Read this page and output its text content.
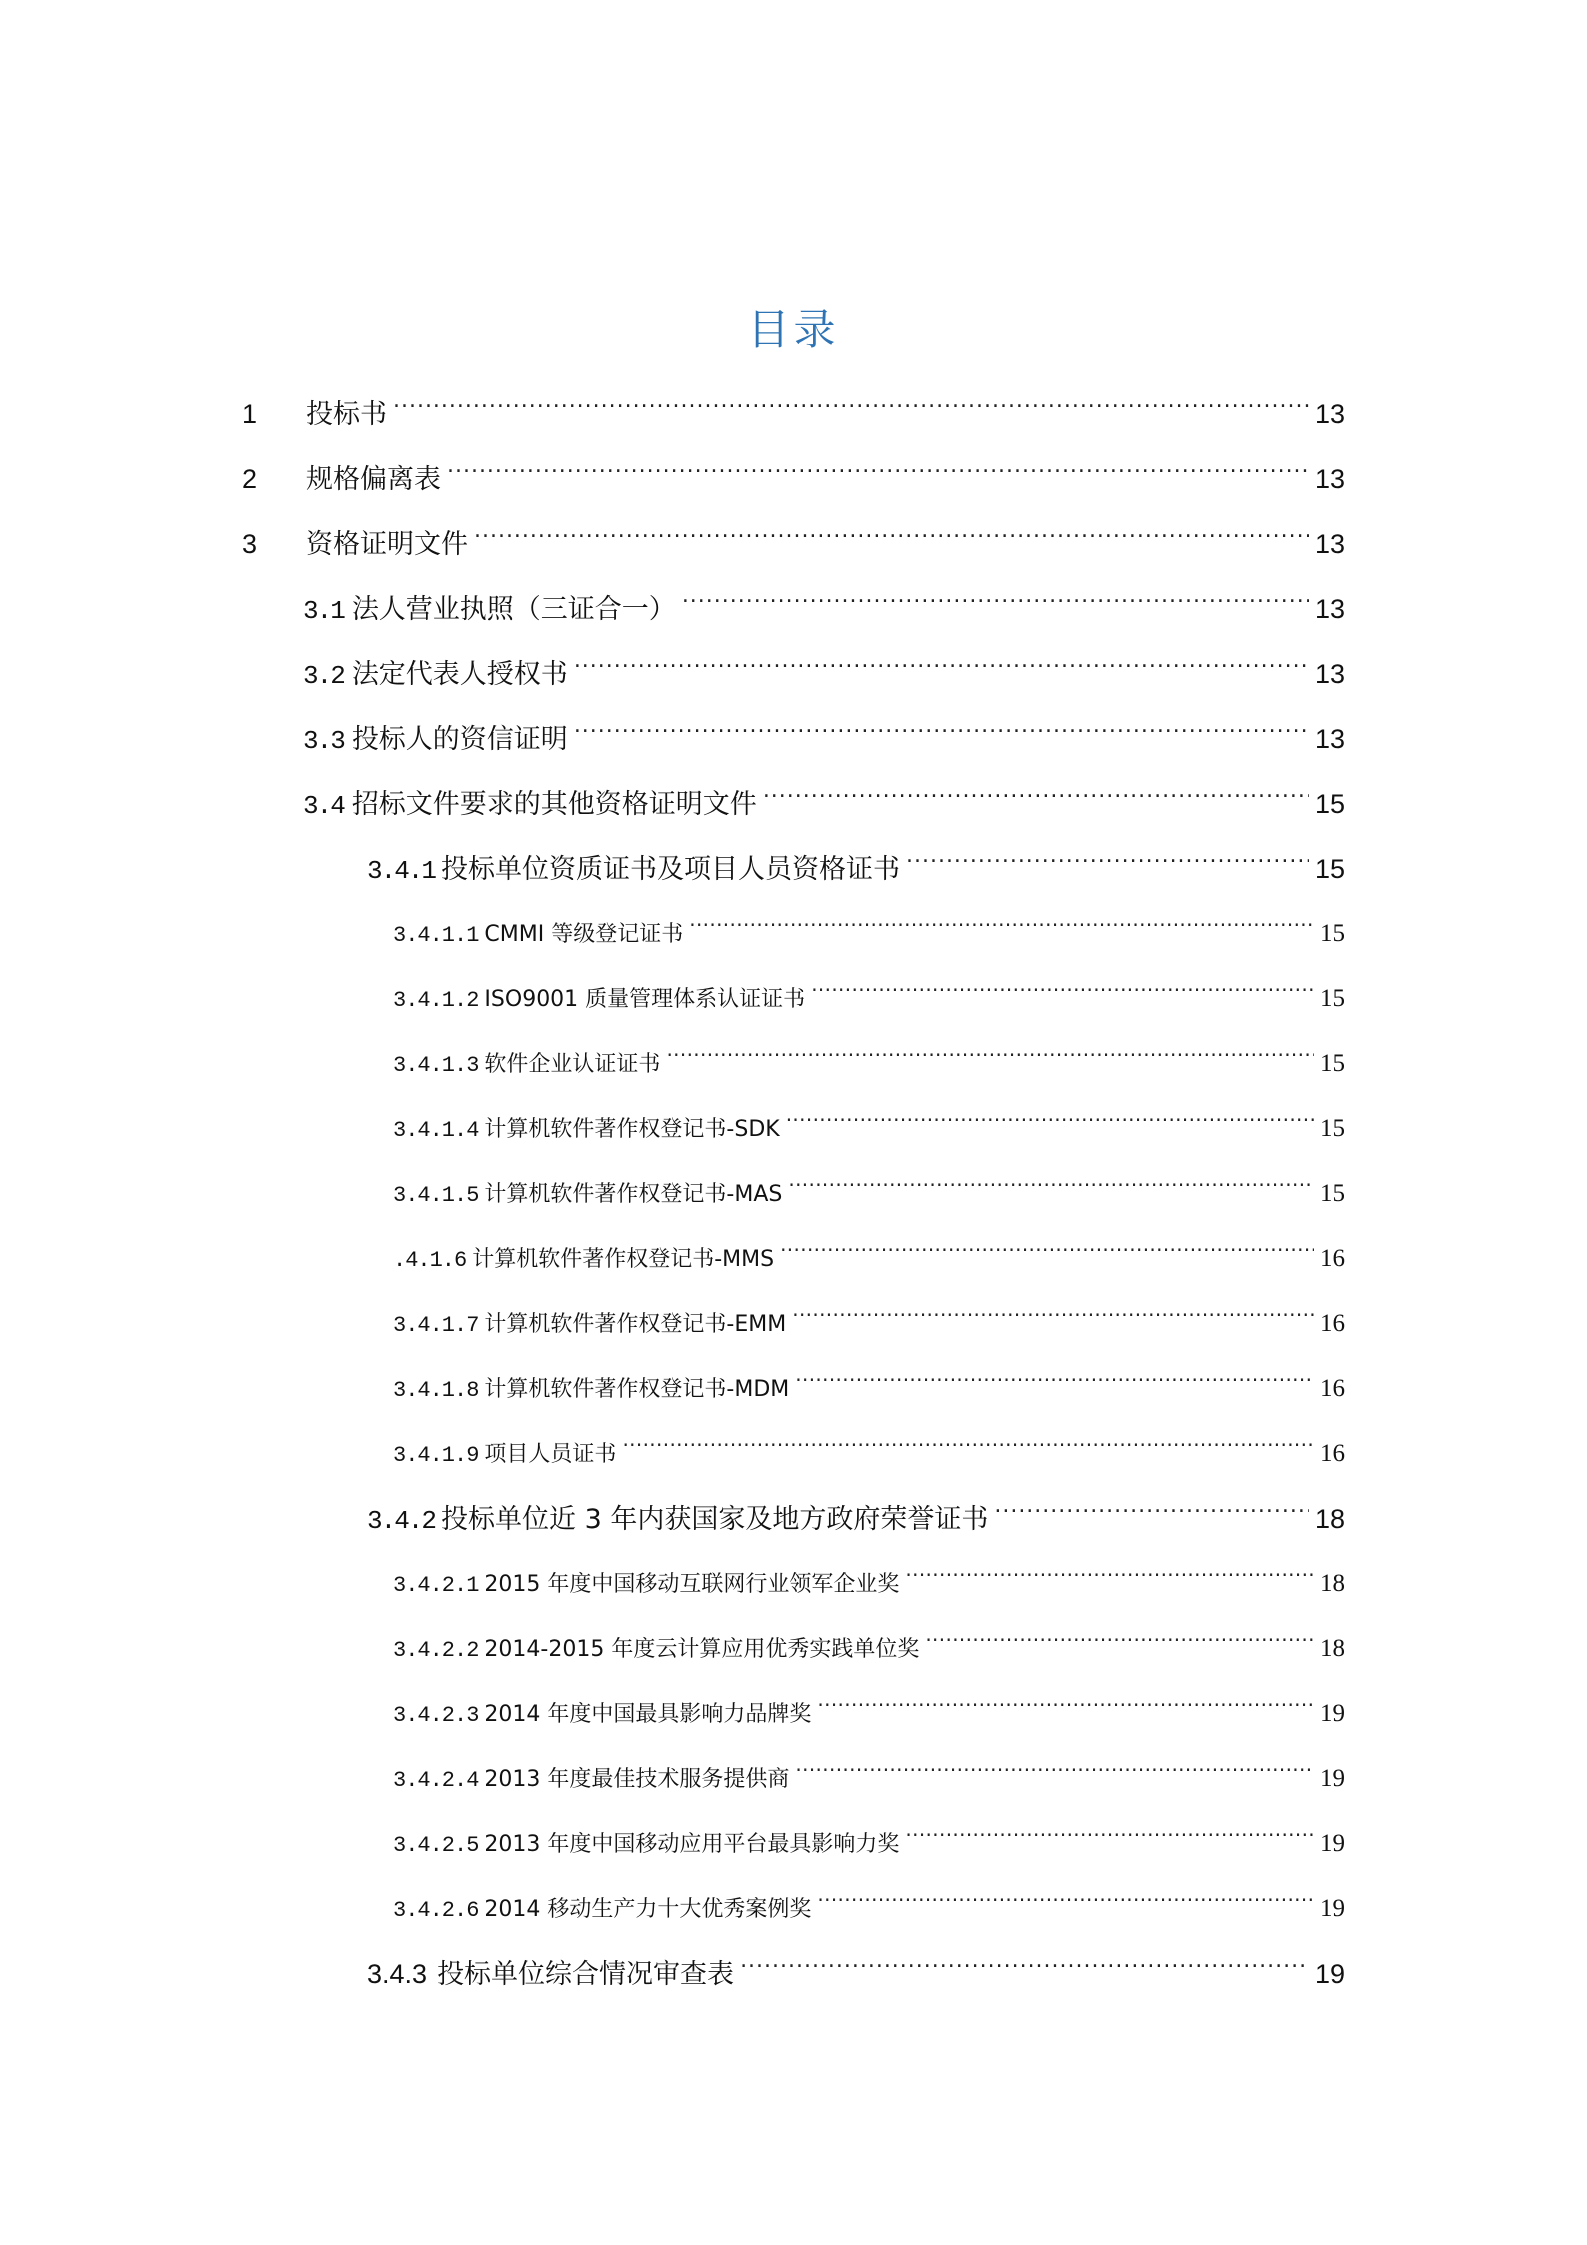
目录
1	投标书 . . .	13
2	规格偏离表 . . .	13
3	资格证明文件 . . .	13
3.1 法人营业执照（三证合一） . . .	13
3.2 法定代表人授权书 . . .	13
3.3 投标人的资信证明 . . .	13
3.4 招标文件要求的其他资格证明文件 . . .	15
3.4.1 投标单位资质证书及项目人员资格证书 . . .	15
3.4.1.1 CMMI 等级登记证书 . . .	15
3.4.1.2 ISO9001 质量管理体系认证证书 . . .	15
3.4.1.3 软件企业认证证书 . . .	15
3.4.1.4 计算机软件著作权登记书-SDK . . .	15
3.4.1.5 计算机软件著作权登记书-MAS . . .	15
.4.1.6 计算机软件著作权登记书-MMS . . .	16
3.4.1.7 计算机软件著作权登记书-EMM . . .	16
3.4.1.8 计算机软件著作权登记书-MDM . . .	16
3.4.1.9 项目人员证书 . . .	16
3.4.2 投标单位近 3 年内获国家及地方政府荣誉证书 . . .	18
3.4.2.1 2015 年度中国移动互联网行业领军企业奖 . . .	18
3.4.2.2 2014-2015 年度云计算应用优秀实践单位奖 . . .	18
3.4.2.3 2014 年度中国最具影响力品牌奖 . . .	19
3.4.2.4 2013 年度最佳技术服务提供商 . . .	19
3.4.2.5 2013 年度中国移动应用平台最具影响力奖 . . .	19
3.4.2.6 2014 移动生产力十大优秀案例奖 . . .	19
3.4.3 投标单位综合情况审查表 . . .	19
